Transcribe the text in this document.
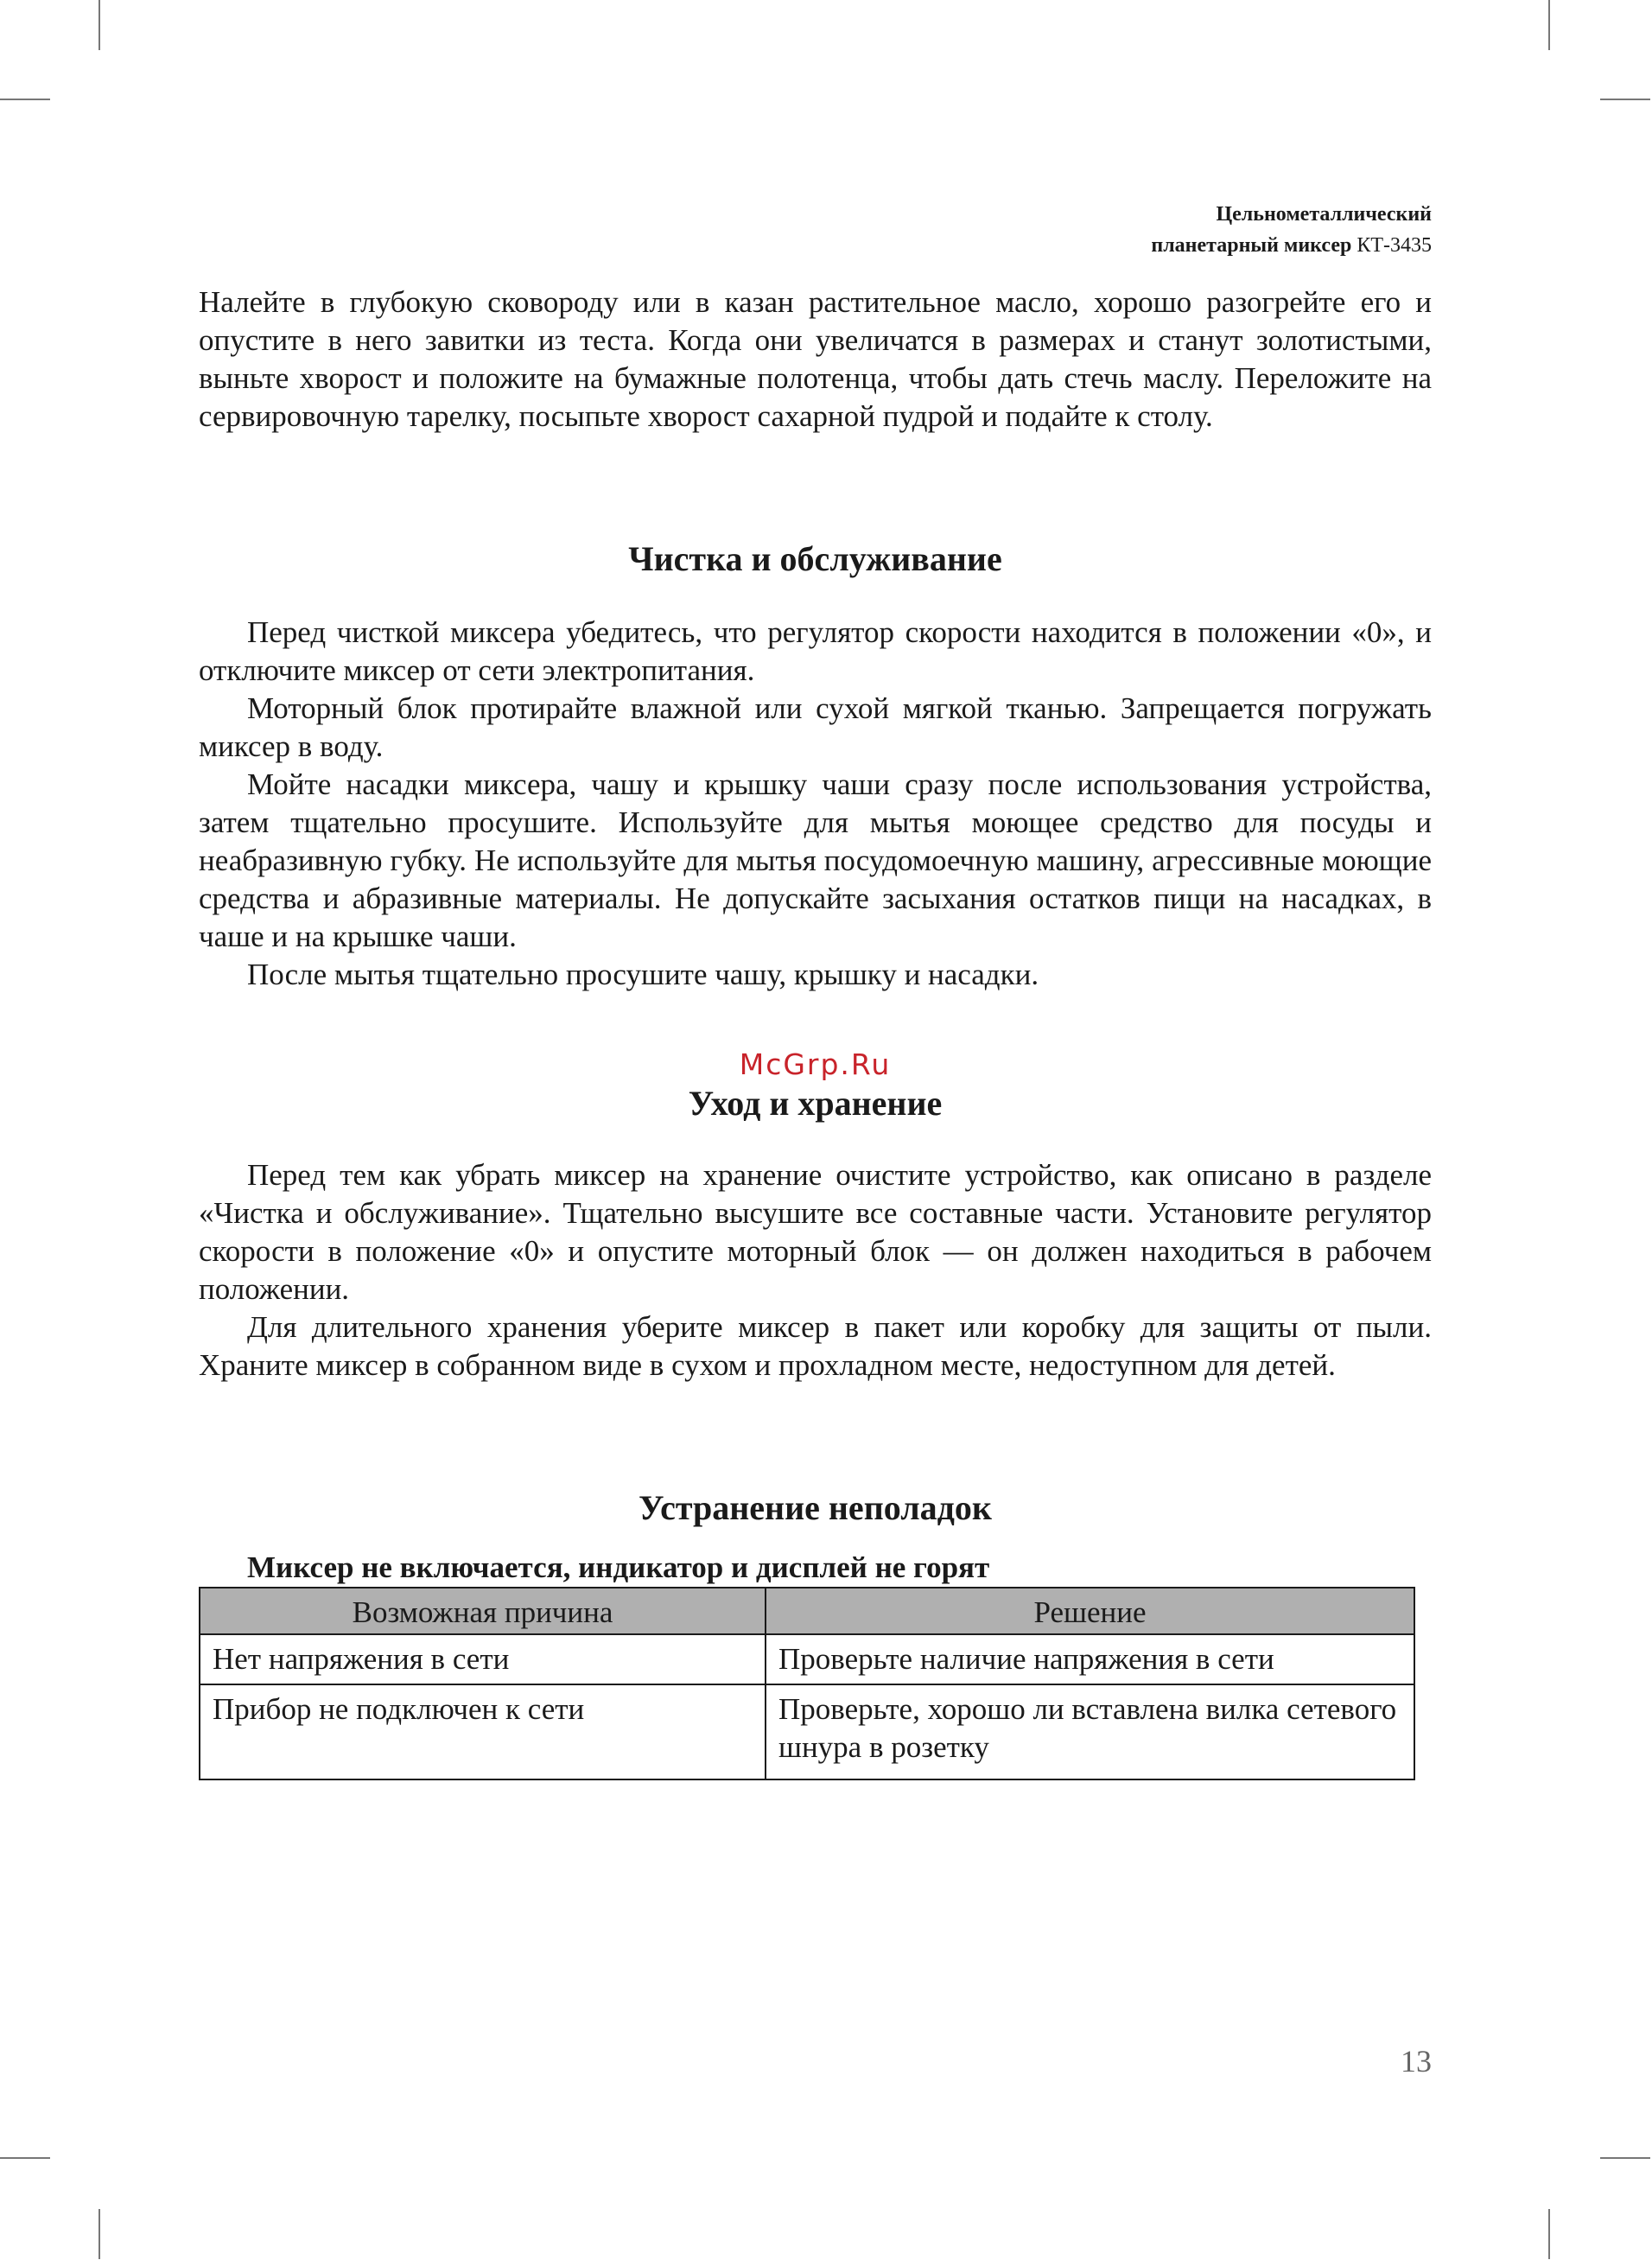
Цельнометаллический
планетарный миксер КТ-3435

Налейте в глубокую сковороду или в казан растительное масло, хорошо разогрейте его и опустите в него завитки из теста. Когда они увеличатся в размерах и станут золотистыми, выньте хворост и положите на бумажные полотенца, чтобы дать стечь маслу. Переложите на сервировочную тарелку, посыпьте хворост сахарной пудрой и подайте к столу.

Чистка и обслуживание

Перед чисткой миксера убедитесь, что регулятор скорости находится в положении «0», и отключите миксер от сети электропитания.

Моторный блок протирайте влажной или сухой мягкой тканью. Запрещается погружать миксер в воду.

Мойте насадки миксера, чашу и крышку чаши сразу после использования устройства, затем тщательно просушите. Используйте для мытья моющее средство для посуды и неабразивную губку. Не используйте для мытья посудомоечную машину, агрессивные моющие средства и абразивные материалы. Не допускайте засыхания остатков пищи на насадках, в чаше и на крышке чаши.

После мытья тщательно просушите чашу, крышку и насадки.

McGrp.Ru
Уход и хранение

Перед тем как убрать миксер на хранение очистите устройство, как описано в разделе «Чистка и обслуживание». Тщательно высушите все составные части. Установите регулятор скорости в положение «0» и опустите моторный блок — он должен находиться в рабочем положении.

Для длительного хранения уберите миксер в пакет или коробку для защиты от пыли. Храните миксер в собранном виде в сухом и прохладном месте, недоступном для детей.

Устранение неполадок
Миксер не включается, индикатор и дисплей не горят
Возможная причина	Решение
Нет напряжения в сети	Проверьте наличие напряжения в сети
Прибор не подключен к сети	Проверьте, хорошо ли вставлена вилка сетевого шнура в розетку
13
